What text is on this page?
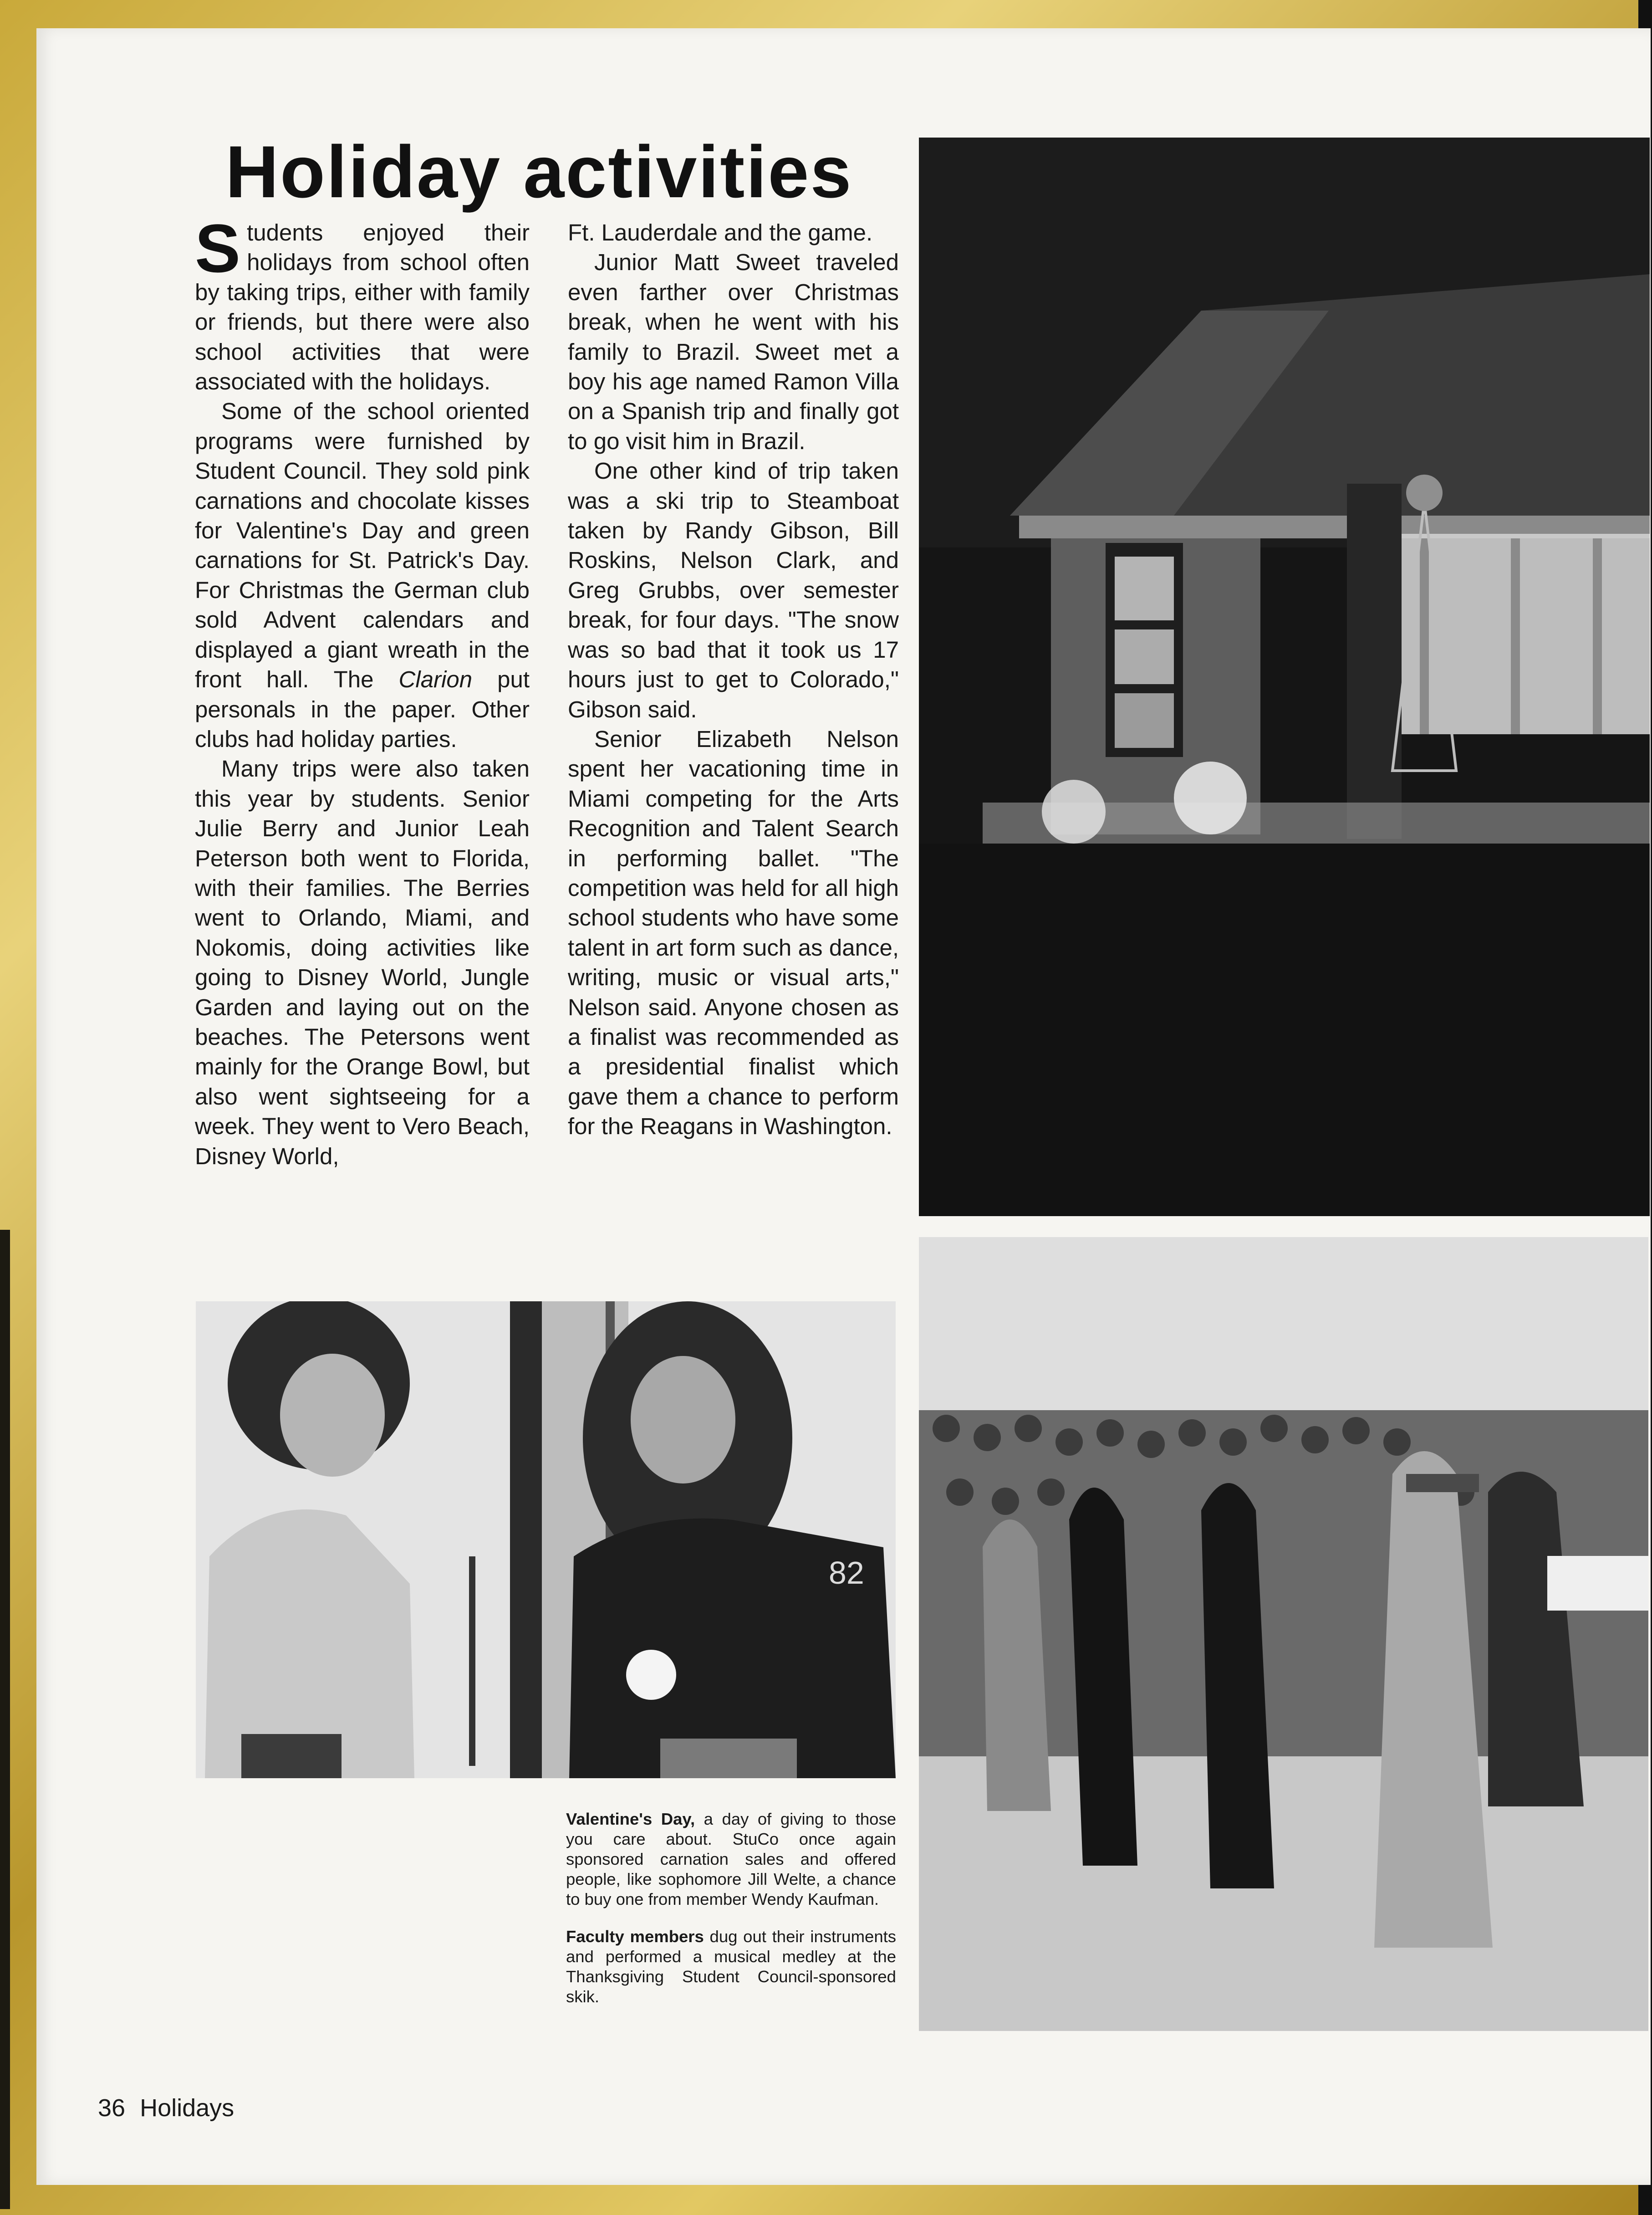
Holiday activities

Students enjoyed their holidays from school often by taking trips, either with family or friends, but there were also school activities that were associated with the holidays.

Some of the school oriented programs were furnished by Student Council. They sold pink carnations and chocolate kisses for Valentine's Day and green carnations for St. Patrick's Day. For Christmas the German club sold Advent calendars and displayed a giant wreath in the front hall. The Clarion put personals in the paper. Other clubs had holiday parties.

Many trips were also taken this year by students. Senior Julie Berry and Junior Leah Peterson both went to Florida, with their families. The Berries went to Orlando, Miami, and Nokomis, doing activities like going to Disney World, Jungle Garden and laying out on the beaches. The Petersons went mainly for the Orange Bowl, but also went sightseeing for a week. They went to Vero Beach, Disney World,

Ft. Lauderdale and the game.

Junior Matt Sweet traveled even farther over Christmas break, when he went with his family to Brazil. Sweet met a boy his age named Ramon Villa on a Spanish trip and finally got to go visit him in Brazil.

One other kind of trip taken was a ski trip to Steamboat taken by Randy Gibson, Bill Roskins, Nelson Clark, and Greg Grubbs, over semester break, for four days. "The snow was so bad that it took us 17 hours just to get to Colorado," Gibson said.

Senior Elizabeth Nelson spent her vacationing time in Miami competing for the Arts Recognition and Talent Search in performing ballet. "The competition was held for all high school students who have some talent in art form such as dance, writing, music or visual arts," Nelson said. Anyone chosen as a finalist was recommended as a presidential finalist which gave them a chance to perform for the Reagans in Washington.

82
Valentine's Day, a day of giving to those you care about. StuCo once again sponsored carnation sales and offered people, like sophomore Jill Welte, a chance to buy one from member Wendy Kaufman.
Faculty members dug out their instruments and performed a musical medley at the Thanksgiving Student Council-sponsored skik.
36 Holidays
